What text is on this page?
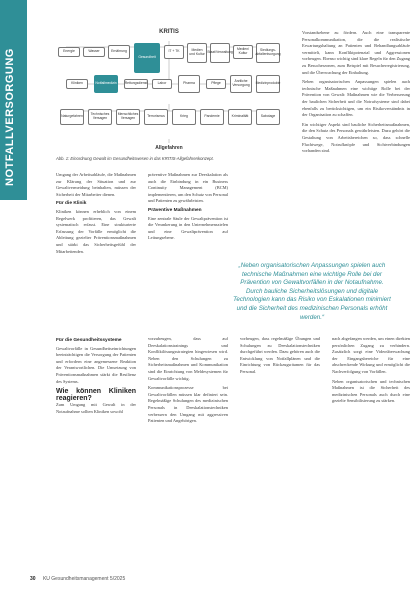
NOTFALLVERSORGUNG
KRITIS
Energie	Wasser	Ernährung
Gesundheit
IT + TK	Medien und Kultur Staat/Verwaltung
Medien/ Kultur
Siedlungs-abfallentsorgung
Kliniken	Notfallmedizin	Rettungsdienst	Labor	Pharma	Pflege	Ärztliche Versorgung	Medizinprodukte
Naturgefahren	Technisches Versagen
Menschliches Versagen	Terrorismus	Krieg	Pandemie	Kriminalität	Sabotage
Allgefahren
Abb. 1: Einordnung Gewalt im Gesundheitswesen in das KRITIS-Allgefahrenkonzept.

Vorstandsebene zu fördern. Auch eine transparente Personalkommunikation, die die realistische Erwartungshaltung an Patienten und Behandlungsabläufe vermittelt, kann Konfliktpotenzial und Aggressionen vorbeugen. Ebenso wichtig sind klare Regeln für den Zugang zu Besucherzonen, zum Beispiel mit Besucherregistrierung, und die Überwachung der Einhaltung.

Neben organisatorischen Anpassungen spielen auch technische Maßnahmen eine wichtige Rolle bei der Prävention von Gewalt: Maßnahmen wie die Verbesserung der baulichen Sicherheit und die Notrufsysteme sind dabei ebenfalls zu berücksichtigen, um ein Risikoverständnis in der Organisation zu schaffen.

Ein wichtiger Aspekt sind bauliche Sicherheitsmaßnahmen, die den Schutz des Personals gewährleisten. Dazu gehört die Gestaltung von Arbeitsbereichen so, dass schnelle Fluchtwege, Notrufknöpfe und Sichtverbindungen vorhanden sind.

Umgang der Arbeitsabläufe, die Maßnahmen zur Klärung der Situation und zur Gewaltvermeidung beinhalten, müssen der Sicherheit der Mitarbeiter dienen.

Für die Klinik

Kliniken können erheblich von einem Regelwerk profitieren, das Gewalt systematisch erfasst. Eine strukturierte Erfassung der Vorfälle ermöglicht die Ableitung gezielter Präventionsmaßnahmen und stärkt das Sicherheitsgefühl der Mitarbeitenden.

präventive Maßnahmen zur Deeskalation als auch die Einbindung in ein Business Continuity Management (BCM) implementieren, um den Schutz von Personal und Patienten zu gewährleisten.

Präventive Maßnahmen

Eine zentrale Säule der Gewaltprävention ist die Verankerung in den Unternehmenszielen und eine Gewaltprävention auf Leitungsebene.

„Neben organisatorischen Anpassungen spielen auch technische Maßnahmen eine wichtige Rolle bei der Prävention von Gewaltvorfällen in der Notaufnahme. Durch bauliche Sicherheitslösungen und digitale Technologien kann das Risiko von Eskalationen minimiert und die Sicherheit des medizinischen Personals erhöht werden.“
Für die Gesundheitssysteme

Gewaltvorfälle in Gesundheitseinrichtungen beeinträchtigen die Versorgung der Patienten und erfordern eine angemessene Reaktion der Verantwortlichen. Die Umsetzung von Präventionsmaßnahmen stärkt die Resilienz des Systems.

Wie können Kliniken reagieren?

Zum Umgang mit Gewalt in der Notaufnahme sollten Kliniken sowohl

vorzubeugen, dass auf Deeskalationstrainings und Konfliktlösungsstrategien hingewiesen wird. Neben den Schulungen zu Sicherheitsmaßnahmen und Kommunikation sind die Einrichtung von Meldesystemen für Gewaltvorfälle wichtig.

Kommunikationsprozesse bei Gewaltvorfällen müssen klar definiert sein. Regelmäßige Schulungen des medizinischen Personals in Deeskalationstechniken verbessern den Umgang mit aggressiven Patienten und Angehörigen.

vorbeugen, dass regelmäßige Übungen und Schulungen zu Deeskalationstechniken durchgeführt werden. Dazu gehören auch die Entwicklung von Notfallplänen und die Einrichtung von Rückzugsräumen für das Personal.

nach abgefangen werden, um einen direkten persönlichen Zugang zu verhindern. Zusätzlich sorgt eine Videoüberwachung der Eingangsbereiche für eine abschreckende Wirkung und ermöglicht die Nachverfolgung von Vorfällen.

Neben organisatorischen und technischen Maßnahmen ist die Sicherheit des medizinischen Personals auch durch eine gezielte Sensibilisierung zu stärken.

30 KU Gesundheitsmanagement 5/2025
